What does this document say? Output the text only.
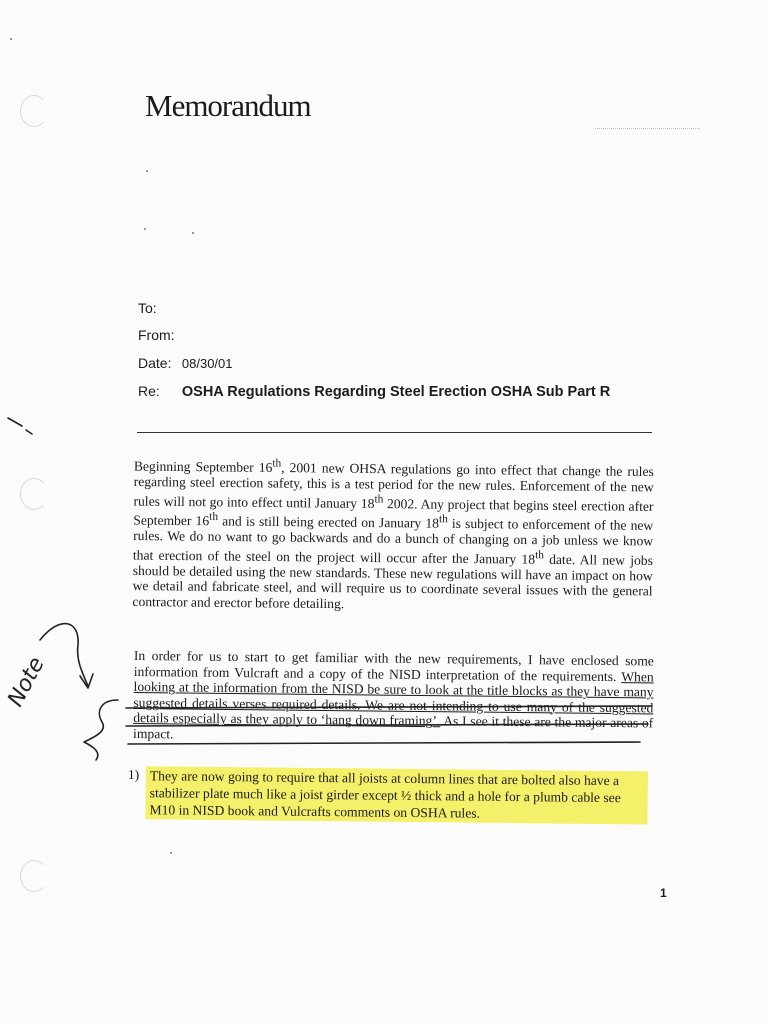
Memorandum
To:
From:
Date: 08/30/01
Re: OSHA Regulations Regarding Steel Erection OSHA Sub Part R
Beginning September 16th, 2001 new OHSA regulations go into effect that change the rules regarding steel erection safety, this is a test period for the new rules. Enforcement of the new rules will not go into effect until January 18th 2002. Any project that begins steel erection after September 16th and is still being erected on January 18th is subject to enforcement of the new rules. We do no want to go backwards and do a bunch of changing on a job unless we know that erection of the steel on the project will occur after the January 18th date. All new jobs should be detailed using the new standards. These new regulations will have an impact on how we detail and fabricate steel, and will require us to coordinate several issues with the general contractor and erector before detailing.
In order for us to start to get familiar with the new requirements, I have enclosed some information from Vulcraft and a copy of the NISD interpretation of the requirements. When looking at the information from the NISD be sure to look at the title blocks as they have many suggested details verses required details. We are not intending to use many of the suggested details especially as they apply to ‘hang down framing’. As I see it these are the major areas of impact.
1) They are now going to require that all joists at column lines that are bolted also have a stabilizer plate much like a joist girder except ½ thick and a hole for a plumb cable see M10 in NISD book and Vulcrafts comments on OSHA rules.
1
Note
